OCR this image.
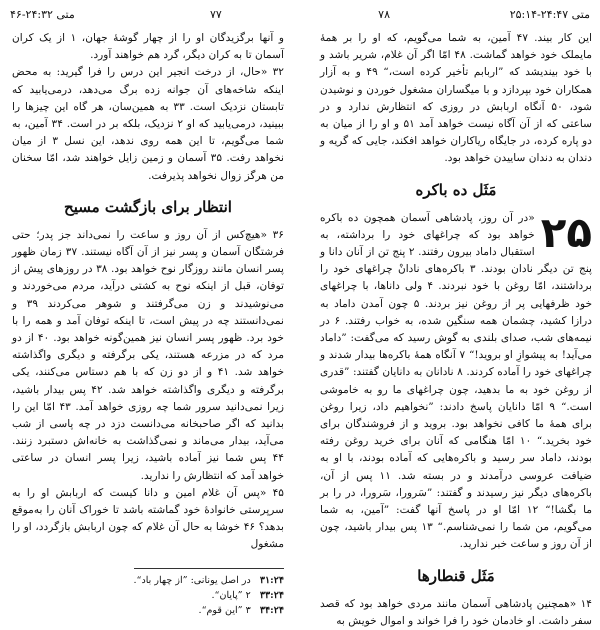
متی ۲۴:۴۷-۲۵:۱۴
۷۸
۷۷
متی ۲۴:۳۲-۴۶

این کار بیند. ۴۷ آمین، به شما می‌گویم، که او را بر همهٔ مایملک خود خواهد گماشت. ۴۸ امّا اگر آن غلام، شریر باشد و با خود بیندیشد که ”اربابم تأخیر کرده است،“ ۴۹ و به آزار همکاران خود بپردازد و با میگساران مشغول خوردن و نوشیدن شود، ۵۰ آنگاه اربابش در روزی که انتظارش ندارد و در ساعتی که از آن آگاه نیست خواهد آمد ۵۱ و او را از میان به دو پاره کرده، در جایگاه ریاکاران خواهد افکند، جایی که گریه و دندان به دندان ساییدن خواهد بود.

مَثَل ده باکره
۲۵

«در آن روز، پادشاهی آسمان همچون ده باکره خواهد بود که چراغهای خود را برداشته، به استقبال داماد بیرون رفتند. ۲ پنج تن از آنان دانا و پنج تن دیگر نادان بودند. ۳ باکره‌های نادانْ چراغهای خود را برداشتند، امّا روغن با خود نبردند. ۴ ولی داناها، با چراغهای خود ظرفهایی پر از روغن نیز بردند. ۵ چون آمدن داماد به درازا کشید، چشمان همه سنگین شده، به خواب رفتند. ۶ در نیمه‌های شب، صدای بلندی به گوش رسید که می‌گفت: ”داماد می‌آید! به پیشوازِ او بروید!“ ۷ آنگاه همهٔ باکره‌ها بیدار شدند و چراغهای خود را آماده کردند. ۸ نادانان به دانایان گفتند: ”قدری از روغن خود به ما بدهید، چون چراغهای ما رو به خاموشی است.“ ۹ امّا دانایان پاسخ دادند: ”نخواهیم داد، زیرا روغن برای همهٔ ما کافی نخواهد بود. بروید و از فروشندگان برای خود بخرید.“ ۱۰ امّا هنگامی که آنان برای خرید روغن رفته بودند، داماد سر رسید و باکره‌هایی که آماده بودند، با او به ضیافت عروسی درآمدند و در بسته شد. ۱۱ پس از آن، باکره‌های دیگر نیز رسیدند و گفتند: ”سَرورا، سَرورا، در را بر ما بگشا!“ ۱۲ امّا او در پاسخ آنها گفت: ”آمین، به شما می‌گویم، من شما را نمی‌شناسم.“ ۱۳ پس بیدار باشید، چون از آن روز و ساعت خبر ندارید.

مَثَل قنطارها

۱۴ «همچنین پادشاهی آسمان مانند مردی خواهد بود که قصد سفر داشت. او خادمان خود را فرا خواند و اموال خویش به

و آنها برگزیدگان او را از چهار گوشهٔ جهان، ۱ از یک کران آسمان تا به کران دیگر، گرد هم خواهند آورد.

۳۲ «حال، از درخت انجیر این درس را فرا گیرید: به محض اینکه شاخه‌های آن جوانه زده برگ می‌دهد، درمی‌یابید که تابستان نزدیک است. ۳۳ به همین‌سان، هر گاه این چیزها را ببینید، درمی‌یابید که او ۲ نزدیک، بلکه بر در است. ۳۴ آمین، به شما می‌گویم، تا این همه روی ندهد، این نسل ۳ از میان نخواهد رفت. ۳۵ آسمان و زمین زایل خواهند شد، امّا سخنان من هرگز زوال نخواهد پذیرفت.

انتظار برای بازگشت مسیح

۳۶ «هیچ‌کس از آن روز و ساعت را نمی‌داند جز پدر؛ حتی فرشتگان آسمان و پسر نیز از آن آگاه نیستند. ۳۷ زمان ظهور پسر انسان مانند روزگار نوح خواهد بود. ۳۸ در روزهای پیش از توفان، قبل از اینکه نوح به کشتی درآید، مردم می‌خوردند و می‌نوشیدند و زن می‌گرفتند و شوهر می‌کردند ۳۹ و نمی‌دانستند چه در پیش است، تا اینکه توفان آمد و همه را با خود برد. ظهور پسر انسان نیز همین‌گونه خواهد بود. ۴۰ از دو مرد که در مزرعه هستند، یکی برگرفته و دیگری واگذاشته خواهد شد. ۴۱ و از دو زن که با هم دستاس می‌کنند، یکی برگرفته و دیگری واگذاشته خواهد شد. ۴۲ پس بیدار باشید، زیرا نمی‌دانید سرور شما چه روزی خواهد آمد. ۴۳ امّا این را بدانید که اگر صاحبخانه می‌دانست دزد در چه پاسی از شب می‌آید، بیدار می‌ماند و نمی‌گذاشت به خانه‌اش دستبرد زنند. ۴۴ پس شما نیز آماده باشید، زیرا پسر انسان در ساعتی خواهد آمد که انتظارش را ندارید.

۴۵ «پس آن غلام امین و دانا کیست که اربابش او را به سرپرستی خانوادهٔ خود گماشته باشد تا خوراک آنان را به‌موقع بدهد؟ ۴۶ خوشا به حال آن غلام که چون اربابش بازگردد، او را مشغول

۳۱:۲۴ در اصل یونانی: ”از چهار باد“.
۳۳:۲۴ ۲ ”پایان“.
۳۴:۲۴ ۳ ”این قوم“.
